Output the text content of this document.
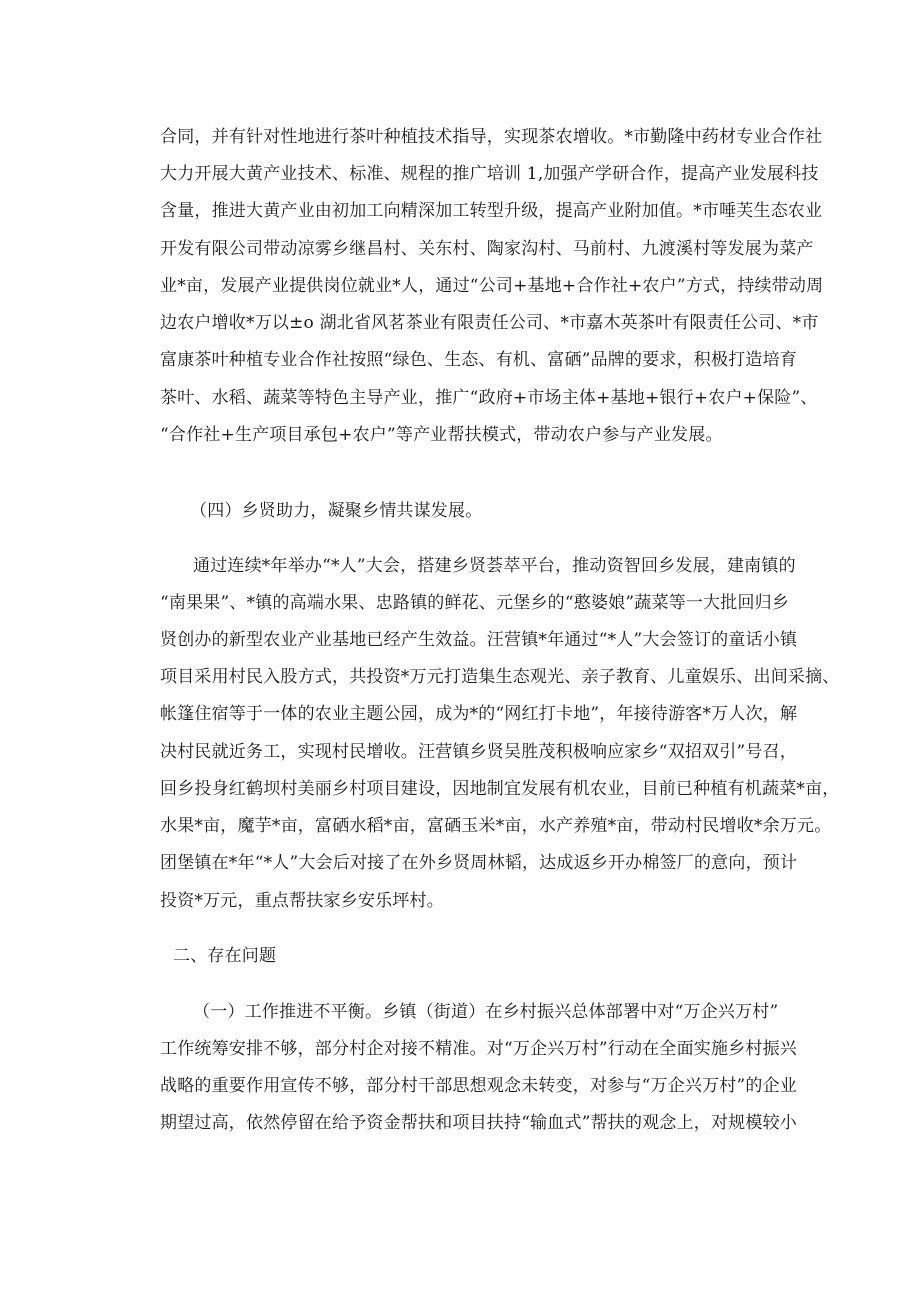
合同，并有针对性地进行茶叶种植技术指导，实现茶农增收。*市勤隆中药材专业合作社
大力开展大黄产业技术、标准、规程的推广培训 1,加强产学研合作，提高产业发展科技
含量，推进大黄产业由初加工向精深加工转型升级，提高产业附加值。*市唾芙生态农业
开发有限公司带动凉雾乡继昌村、关东村、陶家沟村、马前村、九渡溪村等发展为菜产
业*亩，发展产业提供岗位就业*人，通过“公司+基地+合作社+农户”方式，持续带动周
边农户增收*万以±o 湖北省风茗茶业有限责任公司、*市嘉木英茶叶有限责任公司、*市
富康茶叶种植专业合作社按照“绿色、生态、有机、富硒”品牌的要求，积极打造培育
茶叶、水稻、蔬菜等特色主导产业，推广“政府+市场主体+基地+银行+农户+保险”、
“合作社+生产项目承包+农户”等产业帮扶模式，带动农户参与产业发展。
（四）乡贤助力，凝聚乡情共谋发展。
通过连续*年举办“*人”大会，搭建乡贤荟萃平台，推动资智回乡发展，建南镇的
“南果果”、*镇的高端水果、忠路镇的鲜花、元堡乡的“憨婆娘”蔬菜等一大批回归乡
贤创办的新型农业产业基地已经产生效益。汪营镇*年通过“*人”大会签订的童话小镇
项目采用村民入股方式，共投资*万元打造集生态观光、亲子教育、儿童娱乐、出间采摘、
帐篷住宿等于一体的农业主题公园，成为*的“网红打卡地”，年接待游客*万人次，解
决村民就近务工，实现村民增收。汪营镇乡贤吴胜茂积极响应家乡“双招双引”号召，
回乡投身红鹤坝村美丽乡村项目建设，因地制宜发展有机农业，目前已种植有机蔬菜*亩，
水果*亩，魔芋*亩，富硒水稻*亩，富硒玉米*亩，水产养殖*亩，带动村民增收*余万元。
团堡镇在*年“*人”大会后对接了在外乡贤周林韬，达成返乡开办棉签厂的意向，预计
投资*万元，重点帮扶家乡安乐坪村。
二、存在问题
（一）工作推进不平衡。乡镇（街道）在乡村振兴总体部署中对“万企兴万村”
工作统筹安排不够，部分村企对接不精准。对“万企兴万村”行动在全面实施乡村振兴
战略的重要作用宣传不够，部分村干部思想观念未转变，对参与“万企兴万村”的企业
期望过高，依然停留在给予资金帮扶和项目扶持“输血式”帮扶的观念上，对规模较小
